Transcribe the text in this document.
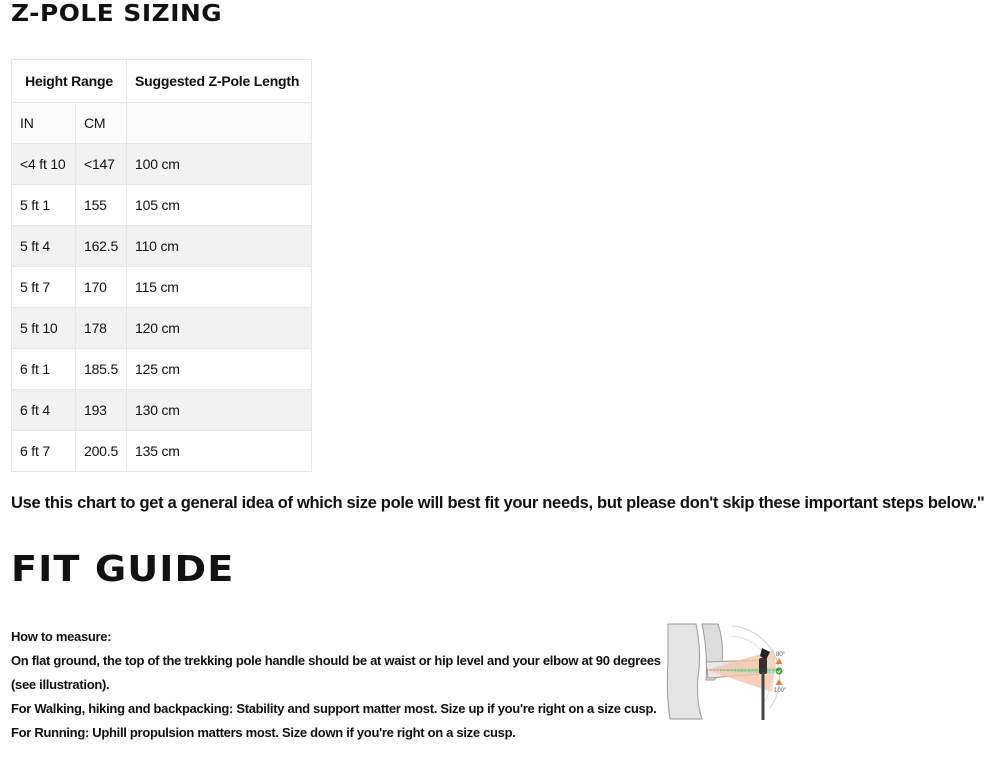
Z-POLE SIZING
Height Range		Suggested Z-Pole Length
IN	CM	
<4 ft 10	<147	100 cm
5 ft 1	155	105 cm
5 ft 4	162.5	110 cm
5 ft 7	170	115 cm
5 ft 10	178	120 cm
6 ft 1	185.5	125 cm
6 ft 4	193	130 cm
6 ft 7	200.5	135 cm

Use this chart to get a general idea of which size pole will best fit your needs, but please don't skip these important steps below."

FIT GUIDE

How to measure:

On flat ground, the top of the trekking pole handle should be at waist or hip level and your elbow at 90 degrees (see illustration).

For Walking, hiking and backpacking: Stability and support matter most. Size up if you're right on a size cusp.

For Running: Uphill propulsion matters most. Size down if you're right on a size cusp.

80°
100°
